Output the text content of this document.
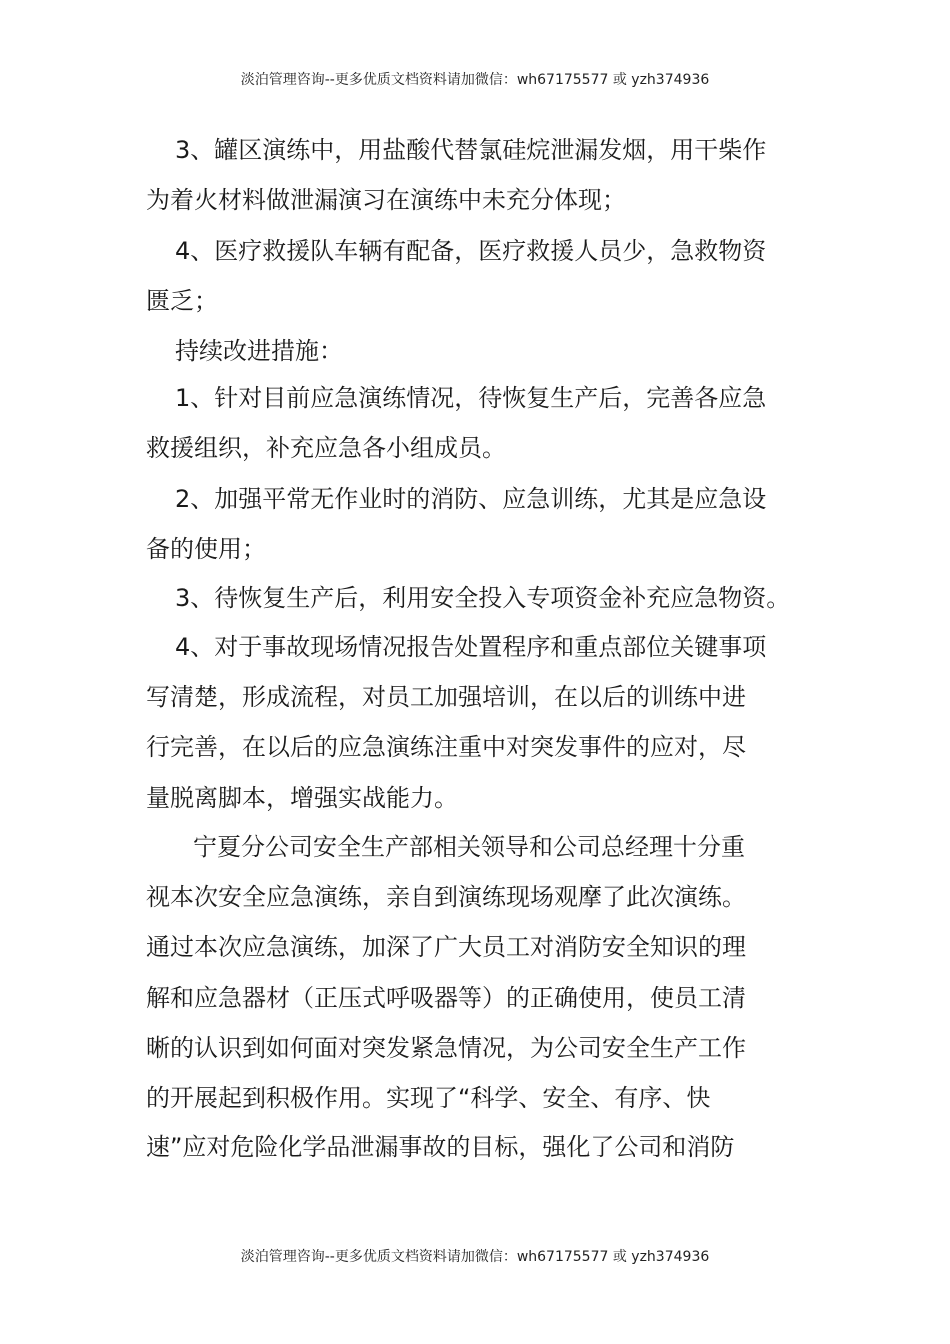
淡泊管理咨询--更多优质文档资料请加微信：wh67175577 或 yzh374936
3、罐区演练中，用盐酸代替氯硅烷泄漏发烟，用干柴作
为着火材料做泄漏演习在演练中未充分体现；
4、医疗救援队车辆有配备，医疗救援人员少，急救物资
匮乏；
持续改进措施：
1、针对目前应急演练情况，待恢复生产后，完善各应急
救援组织，补充应急各小组成员。
2、加强平常无作业时的消防、应急训练，尤其是应急设
备的使用；
3、待恢复生产后，利用安全投入专项资金补充应急物资。
4、对于事故现场情况报告处置程序和重点部位关键事项
写清楚，形成流程，对员工加强培训，在以后的训练中进
行完善，在以后的应急演练注重中对突发事件的应对，尽
量脱离脚本，增强实战能力。
宁夏分公司安全生产部相关领导和公司总经理十分重
视本次安全应急演练，亲自到演练现场观摩了此次演练。
通过本次应急演练，加深了广大员工对消防安全知识的理
解和应急器材（正压式呼吸器等）的正确使用，使员工清
晰的认识到如何面对突发紧急情况，为公司安全生产工作
的开展起到积极作用。实现了“科学、安全、有序、快
速”应对危险化学品泄漏事故的目标，强化了公司和消防
淡泊管理咨询--更多优质文档资料请加微信：wh67175577 或 yzh374936
